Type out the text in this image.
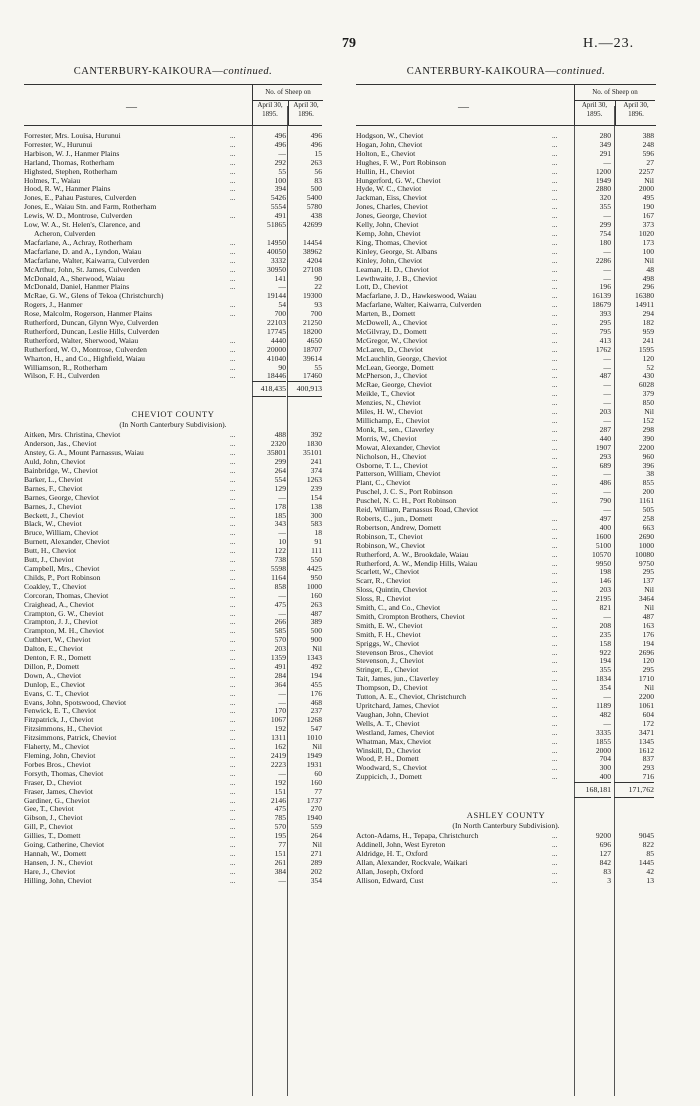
79	H.—23.
CANTERBURY-KAIKOURA—continued.
—
No. of Sheep on
April 30, 1895.
April 30, 1896.
Forrester, Mrs. Louisa, Hurunui	...	496	496
Forrester, W., Hurunui	...	496	496
Harbison, W. J., Hanmer Plains	...	—	15
Harland, Thomas, Rotherham	...	292	263
Highsted, Stephen, Rotherham	...	55	56
Holmes, T., Waiau	...	100	83
Hood, R. W., Hanmer Plains	...	394	500
Jones, E., Pahau Pastures, Culverden	...	5426	5400
Jones, E., Waiau Stn. and Farm, Rotherham	5554	5780
Lewis, W. D., Montrose, Culverden	...	491	438
Low, W. A., St. Helen's, Clarence, and	51865	42699
Acheron, Culverden
Macfarlane, A., Achray, Rotherham	...	14950	14454
Macfarlane, D. and A., Lyndon, Waiau	...	40050	38962
Macfarlane, Walter, Kaiwarra, Culverden	...	3332	4204
McArthur, John, St. James, Culverden	...	30950	27108
McDonald, A., Sherwood, Waiau	...	141	90
McDonald, Daniel, Hanmer Plains	...	—	22
McRae, G. W., Glens of Tekoa (Christchurch)	19144	19300
Rogers, J., Hanmer	...	54	93
Rose, Malcolm, Rogerson, Hanmer Plains	...	700	700
Rutherford, Duncan, Glynn Wye, Culverden	22103	21250
Rutherford, Duncan, Leslie Hills, Culverden	17745	18200
Rutherford, Walter, Sherwood, Waiau	...	4440	4650
Rutherford, W. O., Montrose, Culverden	...	20000	18707
Wharton, H., and Co., Highfield, Waiau	...	41040	39614
Williamson, R., Rotherham	...	90	55
Wilson, F. H., Culverden	...	18446	17460
418,435	400,913
CHEVIOT COUNTY
(In North Canterbury Subdivision).
Aitken, Mrs. Christina, Cheviot	...	488	392
Anderson, Jas., Cheviot	...	2320	1830
Anstey, G. A., Mount Parnassus, Waiau	...	35801	35101
Auld, John, Cheviot	...	299	241
Bainbridge, W., Cheviot	...	264	374
Barker, L., Cheviot	...	554	1263
Barnes, F., Cheviot	...	129	239
Barnes, George, Cheviot	...	—	154
Barnes, J., Cheviot	...	178	138
Beckett, J., Cheviot	...	185	300
Black, W., Cheviot	...	343	583
Bruce, William, Cheviot	...	—	18
Burnett, Alexander, Cheviot	...	10	91
Butt, H., Cheviot	...	122	111
Butt, J., Cheviot	...	738	550
Campbell, Mrs., Cheviot	...	5598	4425
Childs, P., Port Robinson	...	1164	950
Coakley, T., Cheviot	...	858	1000
Corcoran, Thomas, Cheviot	...	—	160
Craighead, A., Cheviot	...	475	263
Crampton, G. W., Cheviot	...	—	487
Crampton, J. J., Cheviot	...	266	389
Crampton, M. H., Cheviot	...	585	500
Cuthbert, W., Cheviot	...	570	900
Dalton, E., Cheviot	...	203	Nil
Denton, F. R., Domett	...	1359	1343
Dillon, P., Domett	...	491	492
Down, A., Cheviot	...	284	194
Dunlop, E., Cheviot	...	364	455
Evans, C. T., Cheviot	...	—	176
Evans, John, Spotswood, Cheviot	...	—	468
Fenwick, E. T., Cheviot	...	170	237
Fitzpatrick, J., Cheviot	...	1067	1268
Fitzsimmons, H., Cheviot	...	192	547
Fitzsimmons, Patrick, Cheviot	...	1311	1010
Flaherty, M., Cheviot	...	162	Nil
Fleming, John, Cheviot	...	2419	1949
Forbes Bros., Cheviot	...	2223	1931
Forsyth, Thomas, Cheviot	...	—	60
Fraser, D., Cheviot	...	192	160
Fraser, James, Cheviot	...	151	77
Gardiner, G., Cheviot	...	2146	1737
Gee, T., Cheviot	...	475	270
Gibson, J., Cheviot	...	785	1940
Gill, P., Cheviot	...	570	559
Gillies, T., Domett	...	195	264
Going, Catherine, Cheviot	...	77	Nil
Hannah, W., Domett	...	151	271
Hansen, J. N., Cheviot	...	261	289
Hare, J., Cheviot	...	384	202
Hilling, John, Cheviot	...	—	354
CANTERBURY-KAIKOURA—continued.
—
No. of Sheep on
April 30, 1895.
April 30, 1896.
Hodgson, W., Cheviot	...	280	388
Hogan, John, Cheviot	...	349	248
Holton, E., Cheviot	...	291	596
Hughes, F. W., Port Robinson	...	—	27
Hullin, H., Cheviot	...	1200	2257
Hungerford, G. W., Cheviot	...	1949	Nil
Hyde, W. C., Cheviot	...	2880	2000
Jackman, Eiss, Cheviot	...	320	495
Jones, Charles, Cheviot	...	355	190
Jones, George, Cheviot	...	—	167
Kelly, John, Cheviot	...	299	373
Kemp, John, Cheviot	...	754	1020
King, Thomas, Cheviot	...	180	173
Kinley, George, St. Albans	...	—	100
Kinley, John, Cheviot	...	2286	Nil
Leaman, H. D., Cheviot	...	—	48
Lewthwaite, J. B., Cheviot	...	—	498
Lott, D., Cheviot	...	196	296
Macfarlane, J. D., Hawkeswood, Waiau	...	16139	16380
Macfarlane, Walter, Kaiwarra, Culverden	...	18679	14911
Marten, B., Domett	...	393	294
McDowell, A., Cheviot	...	295	182
McGilvray, D., Domett	...	795	959
McGregor, W., Cheviot	...	413	241
McLaren, D., Cheviot	...	1762	1595
McLauchlin, George, Cheviot	...	—	120
McLean, George, Domett	...	—	52
McPherson, J., Cheviot	...	487	430
McRae, George, Cheviot	...	—	6028
Meikle, T., Cheviot	...	—	379
Menzies, N., Cheviot	...	—	850
Miles, H. W., Cheviot	...	203	Nil
Millichamp, E., Cheviot	...	—	152
Monk, R., sen., Claverley	...	287	298
Morris, W., Cheviot	...	440	390
Mowat, Alexander, Cheviot	...	1907	2200
Nicholson, H., Cheviot	...	293	960
Osborne, T. L., Cheviot	...	689	396
Patterson, William, Cheviot	...	—	38
Plant, C., Cheviot	...	486	855
Puschel, J. C. S., Port Robinson	...	—	200
Puschel, N. C. H., Port Robinson	...	790	1161
Reid, William, Parnassus Road, Cheviot	—	505
Roberts, C., jun., Domett	...	497	258
Robertson, Andrew, Domett	...	400	663
Robinson, T., Cheviot	...	1600	2690
Robinson, W., Cheviot	...	5100	1000
Rutherford, A. W., Brookdale, Waiau	...	10570	10080
Rutherford, A. W., Mendip Hills, Waiau	...	9950	9750
Scarlett, W., Cheviot	...	198	295
Scarr, R., Cheviot	...	146	137
Sloss, Quintin, Cheviot	...	203	Nil
Sloss, R., Cheviot	...	2195	3464
Smith, C., and Co., Cheviot	...	821	Nil
Smith, Crompton Brothers, Cheviot	...	—	487
Smith, E. W., Cheviot	...	208	163
Smith, F. H., Cheviot	...	235	176
Spriggs, W., Cheviot	...	158	194
Stevenson Bros., Cheviot	...	922	2696
Stevenson, J., Cheviot	...	194	120
Stringer, E., Cheviot	...	355	295
Tait, James, jun., Claverley	...	1834	1710
Thompson, D., Cheviot	...	354	Nil
Tutton, A. E., Cheviot, Christchurch	...	—	2200
Upritchard, James, Cheviot	...	1189	1061
Vaughan, John, Cheviot	...	482	604
Wells, A. T., Cheviot	...	—	172
Westland, James, Cheviot	...	3335	3471
Whatman, Max, Cheviot	...	1855	1345
Winskill, D., Cheviot	...	2000	1612
Wood, P. H., Domett	...	704	837
Woodward, S., Cheviot	...	300	293
Zuppicich, J., Domett	...	400	716
168,181	171,762
ASHLEY COUNTY
(In North Canterbury Subdivision).
Acton-Adams, H., Tepapa, Christchurch	...	9200	9045
Addinell, John, West Eyreton	...	696	822
Aldridge, H. T., Oxford	...	127	85
Allan, Alexander, Rockvale, Waikari	...	842	1445
Allan, Joseph, Oxford	...	83	42
Allison, Edward, Cust	...	3	13
